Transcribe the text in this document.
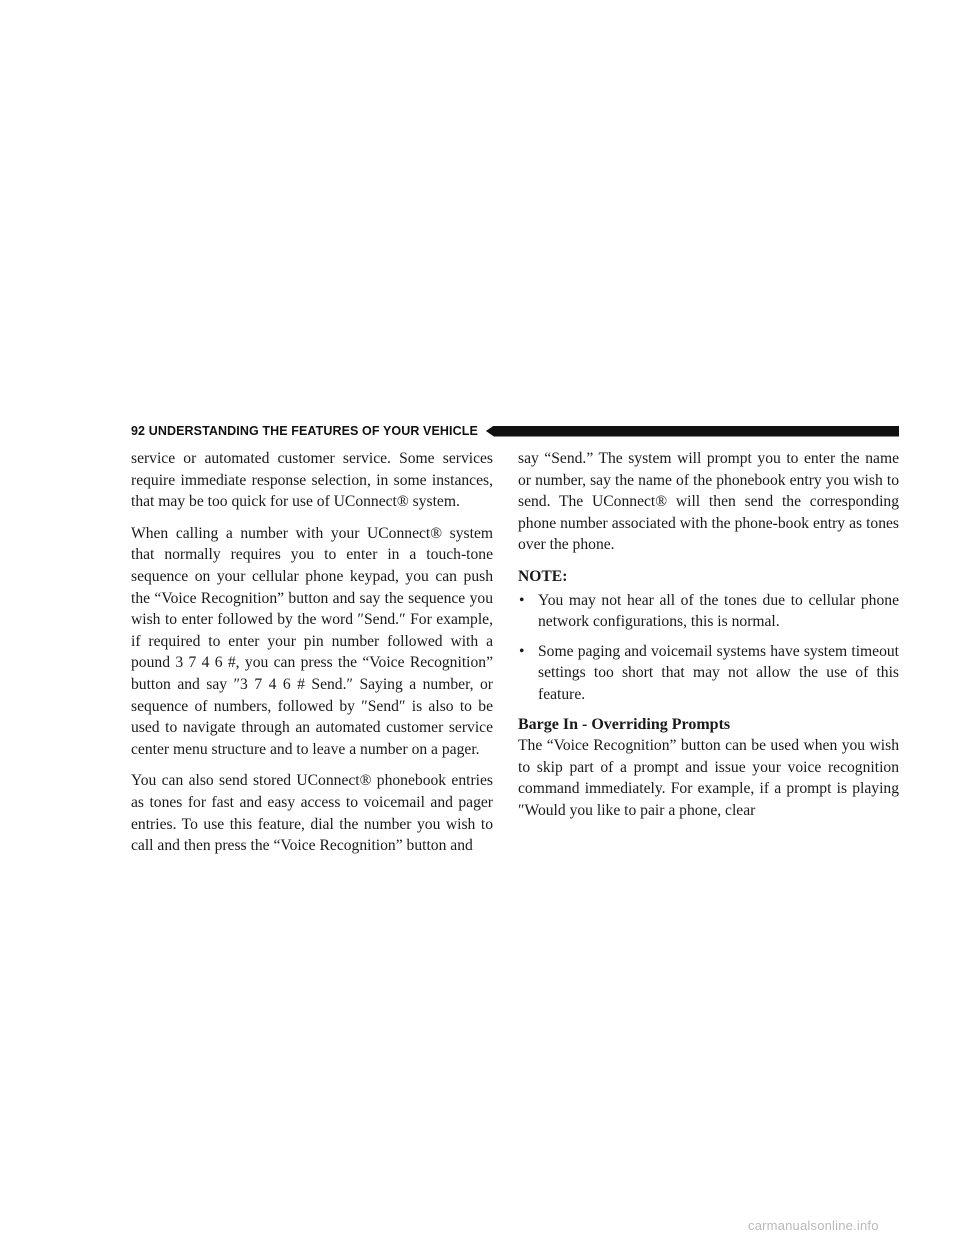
92 UNDERSTANDING THE FEATURES OF YOUR VEHICLE

service or automated customer service. Some services require immediate response selection, in some instances, that may be too quick for use of UConnect® system.

When calling a number with your UConnect® system that normally requires you to enter in a touch-tone sequence on your cellular phone keypad, you can push the “Voice Recognition” button and say the sequence you wish to enter followed by the word ″Send.″ For example, if required to enter your pin number followed with a pound 3 7 4 6 #, you can press the “Voice Recognition” button and say ″3 7 4 6 # Send.″ Saying a number, or sequence of numbers, followed by ″Send″ is also to be used to navigate through an automated customer service center menu structure and to leave a number on a pager.

You can also send stored UConnect® phonebook entries as tones for fast and easy access to voicemail and pager entries. To use this feature, dial the number you wish to call and then press the “Voice Recognition” button and

say “Send.” The system will prompt you to enter the name or number, say the name of the phonebook entry you wish to send. The UConnect® will then send the corresponding phone number associated with the phone-book entry as tones over the phone.

NOTE:
• You may not hear all of the tones due to cellular phone network configurations, this is normal.
• Some paging and voicemail systems have system timeout settings too short that may not allow the use of this feature.
Barge In - Overriding Prompts

The “Voice Recognition” button can be used when you wish to skip part of a prompt and issue your voice recognition command immediately. For example, if a prompt is playing ″Would you like to pair a phone, clear

carmanualsonline.info
